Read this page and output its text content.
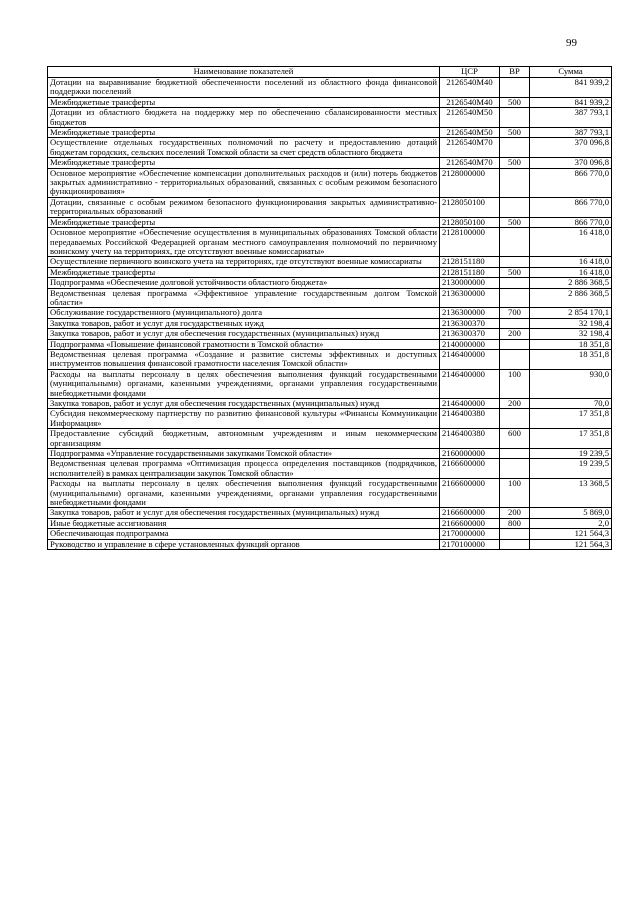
99
Наименование показателей	ЦСР	ВР	Сумма
Дотации на выравнивание бюджетной обеспеченности поселений из областного фонда финансовой поддержки поселений	2126540M40		841 939,2
Межбюджетные трансферты	2126540M40	500	841 939,2
Дотации из областного бюджета на поддержку мер по обеспечению сбалансированности местных бюджетов	2126540M50		387 793,1
Межбюджетные трансферты	2126540M50	500	387 793,1
Осуществление отдельных государственных полномочий по расчету и предоставлению дотаций бюджетам городских, сельских поселений Томской области за счет средств областного бюджета	2126540M70		370 096,8
Межбюджетные трансферты	2126540M70	500	370 096,8
Основное мероприятие «Обеспечение компенсации дополнительных расходов и (или) потерь бюджетов закрытых административно - территориальных образований, связанных с особым режимом безопасного функционирования»	2128000000		866 770,0
Дотации, связанные с особым режимом безопасного функционирования закрытых административно-территориальных образований	2128050100		866 770,0
Межбюджетные трансферты	2128050100	500	866 770,0
Основное мероприятие «Обеспечение осуществления в муниципальных образованиях Томской области передаваемых Российской Федерацией органам местного самоуправления полномочий по первичному воинскому учету на территориях, где отсутствуют военные комиссариаты»	2128100000		16 418,0
Осуществление первичного воинского учета на территориях, где отсутствуют военные комиссариаты	2128151180		16 418,0
Межбюджетные трансферты	2128151180	500	16 418,0
Подпрограмма «Обеспечение долговой устойчивости областного бюджета»	2130000000		2 886 368,5
Ведомственная целевая программа «Эффективное управление государственным долгом Томской области»	2136300000		2 886 368,5
Обслуживание государственного (муниципального) долга	2136300000	700	2 854 170,1
Закупка товаров, работ и услуг для государственных нужд	2136300370		32 198,4
Закупка товаров, работ и услуг для обеспечения государственных (муниципальных) нужд	2136300370	200	32 198,4
Подпрограмма «Повышение финансовой грамотности в Томской области»	2140000000		18 351,8
Ведомственная целевая программа «Создание и развитие системы эффективных и доступных инструментов повышения финансовой грамотности населения Томской области»	2146400000		18 351,8
Расходы на выплаты персоналу в целях обеспечения выполнения функций государственными (муниципальными) органами, казенными учреждениями, органами управления государственными внебюджетными фондами	2146400000	100	930,0
Закупка товаров, работ и услуг для обеспечения государственных (муниципальных) нужд	2146400000	200	70,0
Субсидия некоммерческому партнерству по развитию финансовой культуры «Финансы Коммуникации Информация»	2146400380		17 351,8
Предоставление субсидий бюджетным, автономным учреждениям и иным некоммерческим организациям	2146400380	600	17 351,8
Подпрограмма «Управление государственными закупками Томской области»	2160000000		19 239,5
Ведомственная целевая программа «Оптимизация процесса определения поставщиков (подрядчиков, исполнителей) в рамках централизации закупок Томской области»	2166600000		19 239,5
Расходы на выплаты персоналу в целях обеспечения выполнения функций государственными (муниципальными) органами, казенными учреждениями, органами управления государственными внебюджетными фондами	2166600000	100	13 368,5
Закупка товаров, работ и услуг для обеспечения государственных (муниципальных) нужд	2166600000	200	5 869,0
Иные бюджетные ассигнования	2166600000	800	2,0
Обеспечивающая подпрограмма	2170000000		121 564,3
Руководство и управление в сфере установленных функций органов	2170100000		121 564,3
